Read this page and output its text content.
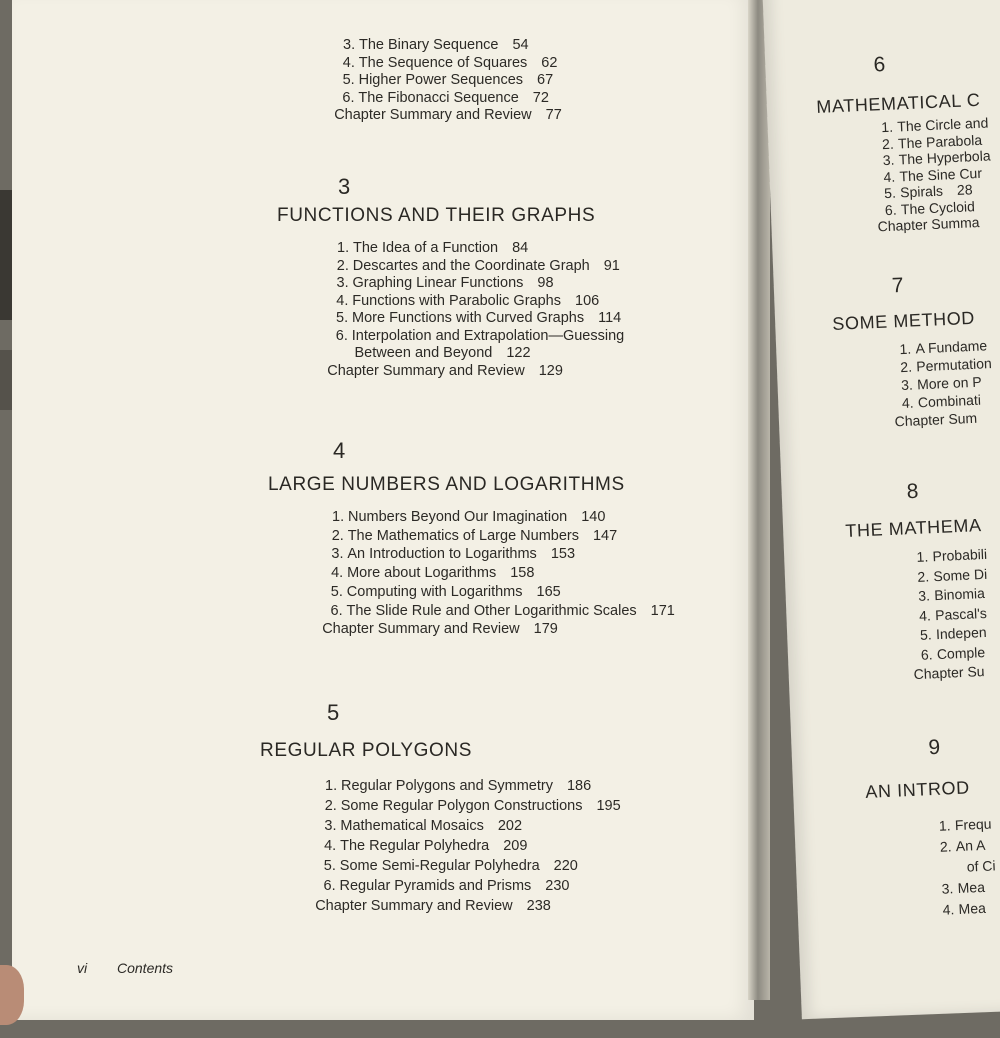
3. The Binary Sequence 54
4. The Sequence of Squares 62
5. Higher Power Sequences 67
6. The Fibonacci Sequence 72
Chapter Summary and Review 77
3
FUNCTIONS AND THEIR GRAPHS
1. The Idea of a Function 84
2. Descartes and the Coordinate Graph 91
3. Graphing Linear Functions 98
4. Functions with Parabolic Graphs 106
5. More Functions with Curved Graphs 114
6. Interpolation and Extrapolation—Guessing
Between and Beyond 122
Chapter Summary and Review 129
4
LARGE NUMBERS AND LOGARITHMS
1. Numbers Beyond Our Imagination 140
2. The Mathematics of Large Numbers 147
3. An Introduction to Logarithms 153
4. More about Logarithms 158
5. Computing with Logarithms 165
6. The Slide Rule and Other Logarithmic Scales 171
Chapter Summary and Review 179
5
REGULAR POLYGONS
1. Regular Polygons and Symmetry 186
2. Some Regular Polygon Constructions 195
3. Mathematical Mosaics 202
4. The Regular Polyhedra 209
5. Some Semi-Regular Polyhedra 220
6. Regular Pyramids and Prisms 230
Chapter Summary and Review 238
vi Contents
6
MATHEMATICAL C
1. The Circle and
2. The Parabola
3. The Hyperbola
4. The Sine Cur
5. Spirals 28
6. The Cycloid
Chapter Summa
7
SOME METHOD
1. A Fundame
2. Permutation
3. More on P
4. Combinati
Chapter Sum
8
THE MATHEMA
1. Probabili
2. Some Di
3. Binomia
4. Pascal's
5. Indepen
6. Comple
Chapter Su
9
AN INTROD
1. Frequ
2. An A
of Ci
3. Mea
4. Mea
